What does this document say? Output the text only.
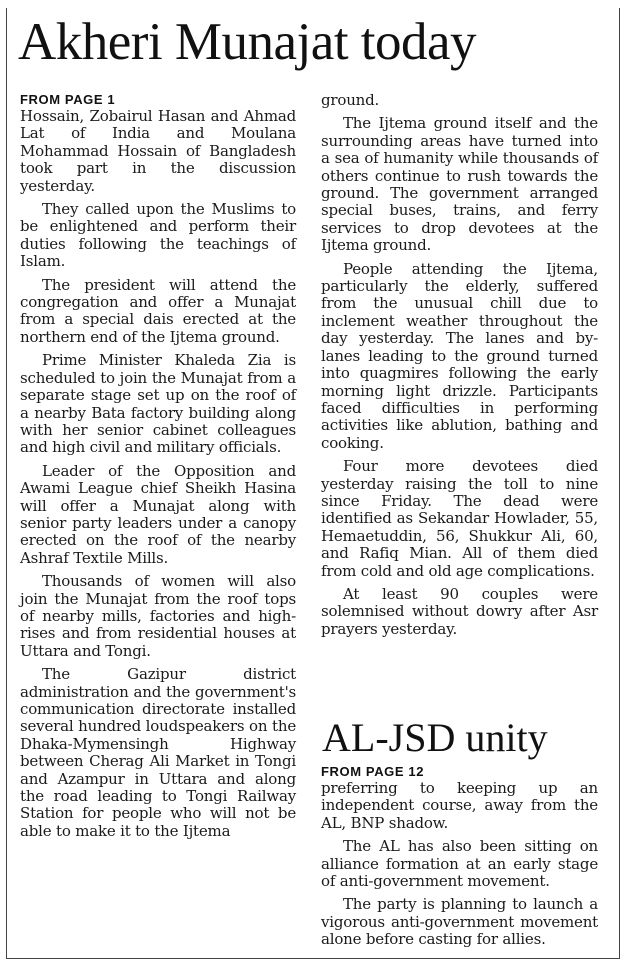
Akheri Munajat today

FROM PAGE 1

Hossain, Zobairul Hasan and Ahmad Lat of India and Moulana Mohammad Hossain of Bangladesh took part in the discussion yesterday.

They called upon the Muslims to be enlightened and perform their duties following the teachings of Islam.

The president will attend the congregation and offer a Munajat from a special dais erected at the northern end of the Ijtema ground.

Prime Minister Khaleda Zia is scheduled to join the Munajat from a separate stage set up on the roof of a nearby Bata factory building along with her senior cabinet colleagues and high civil and military officials.

Leader of the Opposition and Awami League chief Sheikh Hasina will offer a Munajat along with senior party leaders under a canopy erected on the roof of the nearby Ashraf Textile Mills.

Thousands of women will also join the Munajat from the roof tops of nearby mills, factories and high-rises and from residential houses at Uttara and Tongi.

The Gazipur district administration and the government's communication directorate installed several hundred loudspeakers on the Dhaka-Mymensingh Highway between Cherag Ali Market in Tongi and Azampur in Uttara and along the road leading to Tongi Railway Station for people who will not be able to make it to the Ijtema

ground.

The Ijtema ground itself and the surrounding areas have turned into a sea of humanity while thousands of others continue to rush towards the ground. The government arranged special buses, trains, and ferry services to drop devotees at the Ijtema ground.

People attending the Ijtema, particularly the elderly, suffered from the unusual chill due to inclement weather throughout the day yesterday. The lanes and by-lanes leading to the ground turned into quagmires following the early morning light drizzle. Participants faced difficulties in performing activities like ablution, bathing and cooking.

Four more devotees died yesterday raising the toll to nine since Friday. The dead were identified as Sekandar Howlader, 55, Hemaetuddin, 56, Shukkur Ali, 60, and Rafiq Mian. All of them died from cold and old age complications.

At least 90 couples were solemnised without dowry after Asr prayers yesterday.

AL-JSD unity

FROM PAGE 12

preferring to keeping up an independent course, away from the AL, BNP shadow.

The AL has also been sitting on alliance formation at an early stage of anti-government movement.

The party is planning to launch a vigorous anti-government movement alone before casting for allies.
